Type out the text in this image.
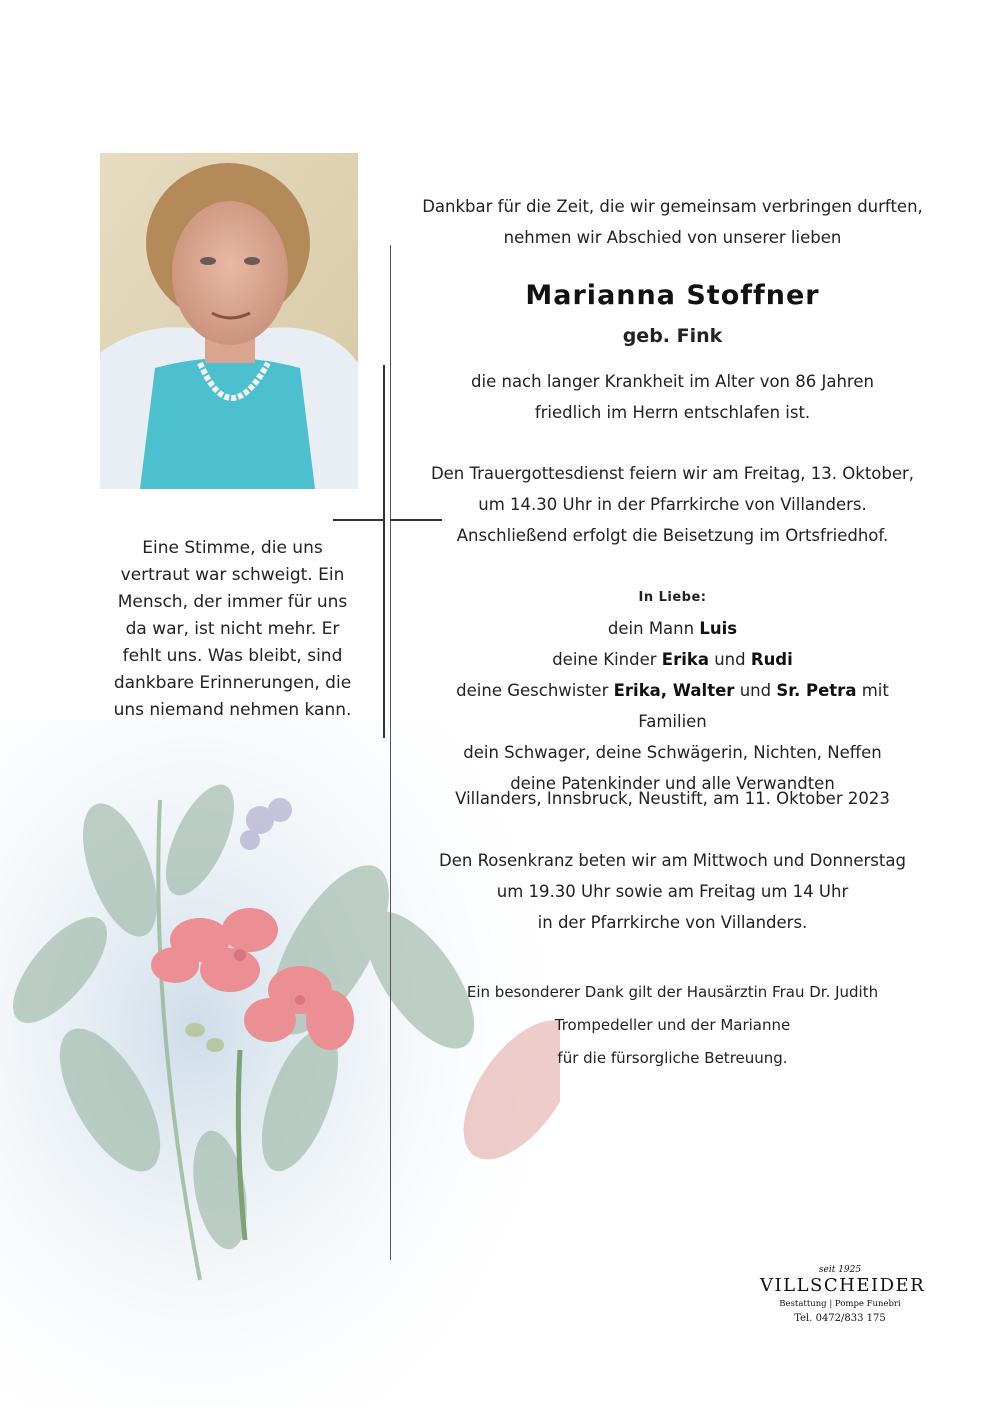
Eine Stimme, die uns
vertraut war schweigt. Ein
Mensch, der immer für uns
da war, ist nicht mehr. Er
fehlt uns. Was bleibt, sind
dankbare Erinnerungen, die
uns niemand nehmen kann.
Dankbar für die Zeit, die wir gemeinsam verbringen durften,
nehmen wir Abschied von unserer lieben
Marianna Stoffner
geb. Fink
die nach langer Krankheit im Alter von 86 Jahren
friedlich im Herrn entschlafen ist.
Den Trauergottesdienst feiern wir am Freitag, 13. Oktober,
um 14.30 Uhr in der Pfarrkirche von Villanders.
Anschließend erfolgt die Beisetzung im Ortsfriedhof.
In Liebe:
dein Mann Luis
deine Kinder Erika und Rudi
deine Geschwister Erika, Walter und Sr. Petra mit Familien
dein Schwager, deine Schwägerin, Nichten, Neffen
deine Patenkinder und alle Verwandten
Villanders, Innsbruck, Neustift, am 11. Oktober 2023
Den Rosenkranz beten wir am Mittwoch und Donnerstag
um 19.30 Uhr sowie am Freitag um 14 Uhr
in der Pfarrkirche von Villanders.
Ein besonderer Dank gilt der Hausärztin Frau Dr. Judith
Trompedeller und der Marianne
für die fürsorgliche Betreuung.
seit 1925
VILLSCHEIDER
Bestattung | Pompe Funebri
Tel. 0472/833 175
